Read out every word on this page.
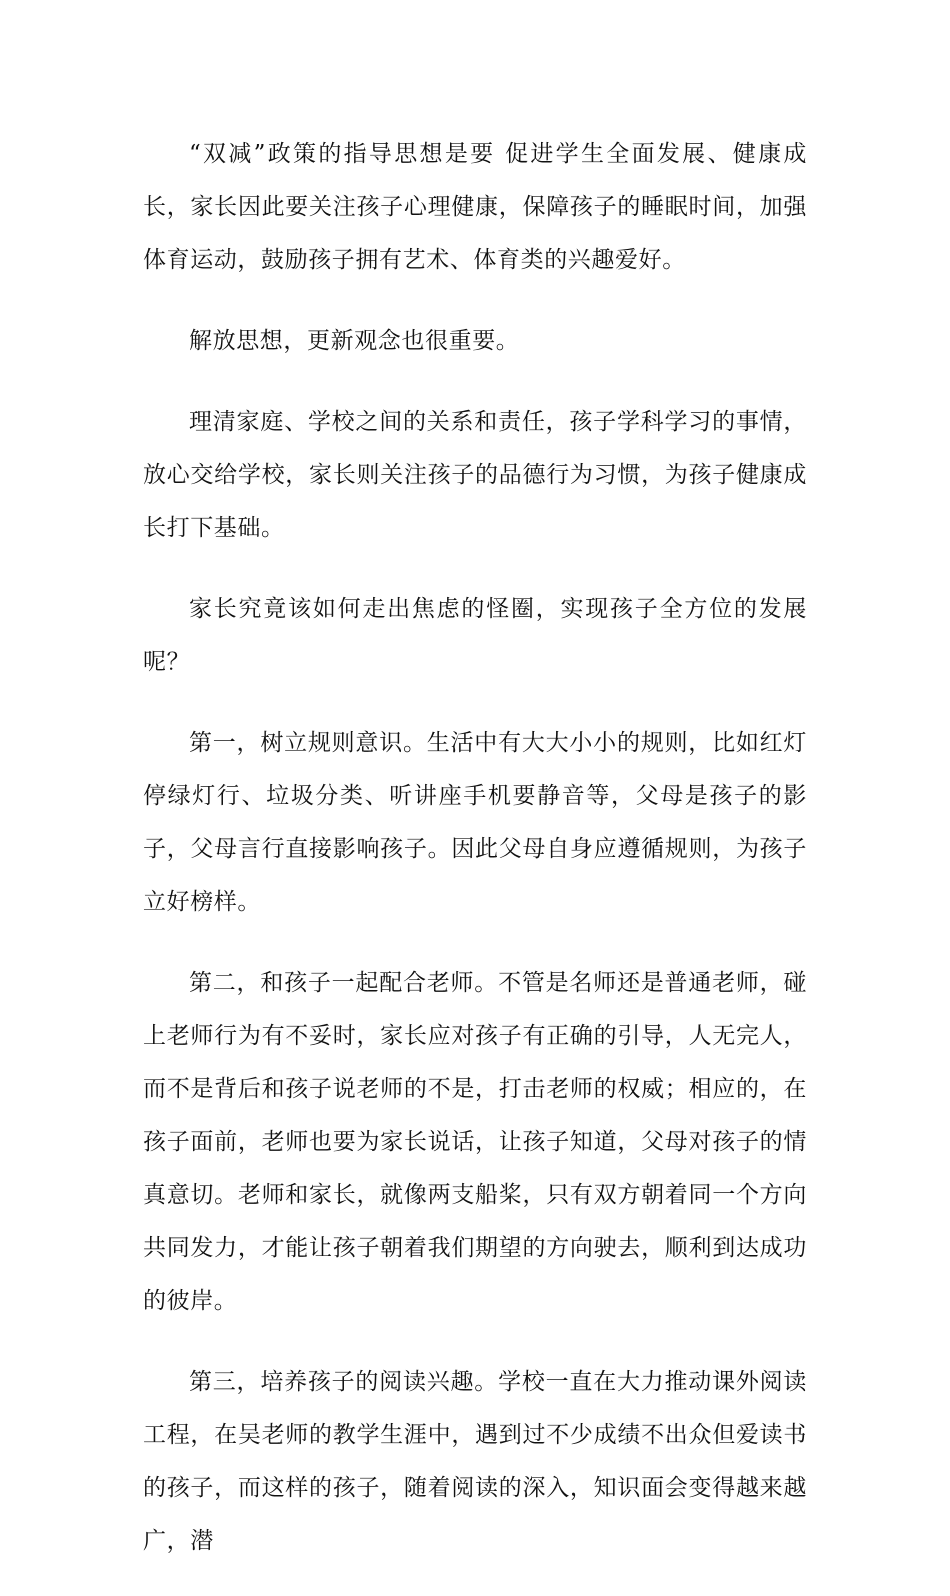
“双减”政策的指导思想是要 促进学生全面发展、健康成长，家长因此要关注孩子心理健康，保障孩子的睡眠时间，加强体育运动，鼓励孩子拥有艺术、体育类的兴趣爱好。

解放思想，更新观念也很重要。

理清家庭、学校之间的关系和责任，孩子学科学习的事情，放心交给学校，家长则关注孩子的品德行为习惯，为孩子健康成长打下基础。

家长究竟该如何走出焦虑的怪圈，实现孩子全方位的发展呢？

第一，树立规则意识。生活中有大大小小的规则，比如红灯停绿灯行、垃圾分类、听讲座手机要静音等，父母是孩子的影子，父母言行直接影响孩子。因此父母自身应遵循规则，为孩子立好榜样。

第二，和孩子一起配合老师。不管是名师还是普通老师，碰上老师行为有不妥时，家长应对孩子有正确的引导，人无完人，而不是背后和孩子说老师的不是，打击老师的权威；相应的，在孩子面前，老师也要为家长说话，让孩子知道，父母对孩子的情真意切。老师和家长，就像两支船桨，只有双方朝着同一个方向共同发力，才能让孩子朝着我们期望的方向驶去，顺利到达成功的彼岸。

第三，培养孩子的阅读兴趣。学校一直在大力推动课外阅读工程，在吴老师的教学生涯中，遇到过不少成绩不出众但爱读书的孩子，而这样的孩子，随着阅读的深入，知识面会变得越来越广，潜
